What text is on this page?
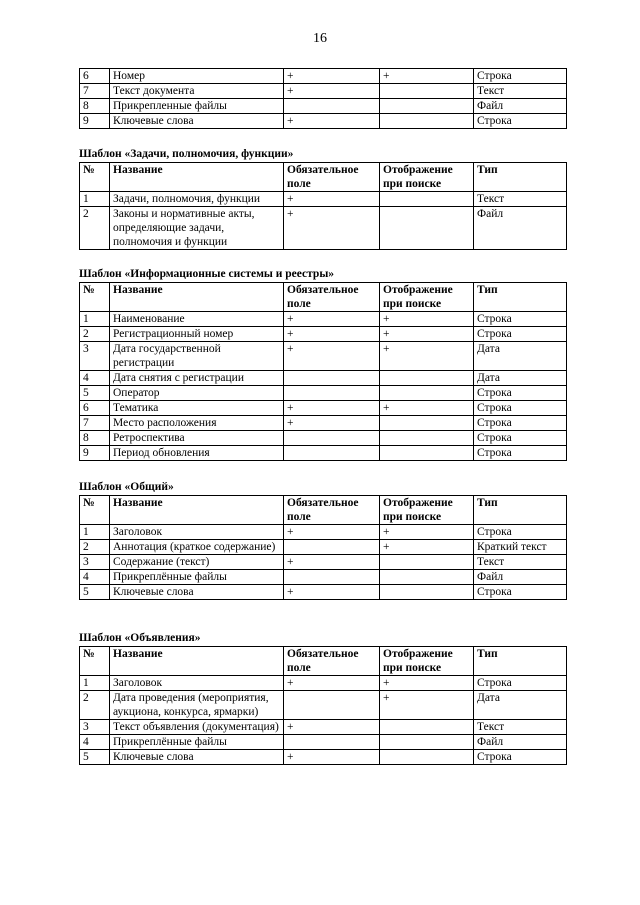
16
6	Номер	+	+	Строка
7	Текст документа	+		Текст
8	Прикрепленные файлы			Файл
9	Ключевые слова	+		Строка
Шаблон «Задачи, полномочия, функции»
№	Название	Обязательное поле	Отображение при поиске	Тип
1	Задачи, полномочия, функции	+		Текст
2	Законы и нормативные акты, определяющие задачи, полномочия и функции	+		Файл
Шаблон «Информационные системы и реестры»
№	Название	Обязательное поле	Отображение при поиске	Тип
1	Наименование	+	+	Строка
2	Регистрационный номер	+	+	Строка
3	Дата государственной регистрации	+	+	Дата
4	Дата снятия с регистрации			Дата
5	Оператор			Строка
6	Тематика	+	+	Строка
7	Место расположения	+		Строка
8	Ретроспектива			Строка
9	Период обновления			Строка
Шаблон «Общий»
№	Название	Обязательное поле	Отображение при поиске	Тип
1	Заголовок	+	+	Строка
2	Аннотация (краткое содержание)		+	Краткий текст
3	Содержание (текст)	+		Текст
4	Прикреплённые файлы			Файл
5	Ключевые слова	+		Строка
Шаблон «Объявления»
№	Название	Обязательное поле	Отображение при поиске	Тип
1	Заголовок	+	+	Строка
2	Дата проведения (мероприятия, аукциона, конкурса, ярмарки)		+	Дата
3	Текст объявления (документация)	+		Текст
4	Прикреплённые файлы			Файл
5	Ключевые слова	+		Строка
